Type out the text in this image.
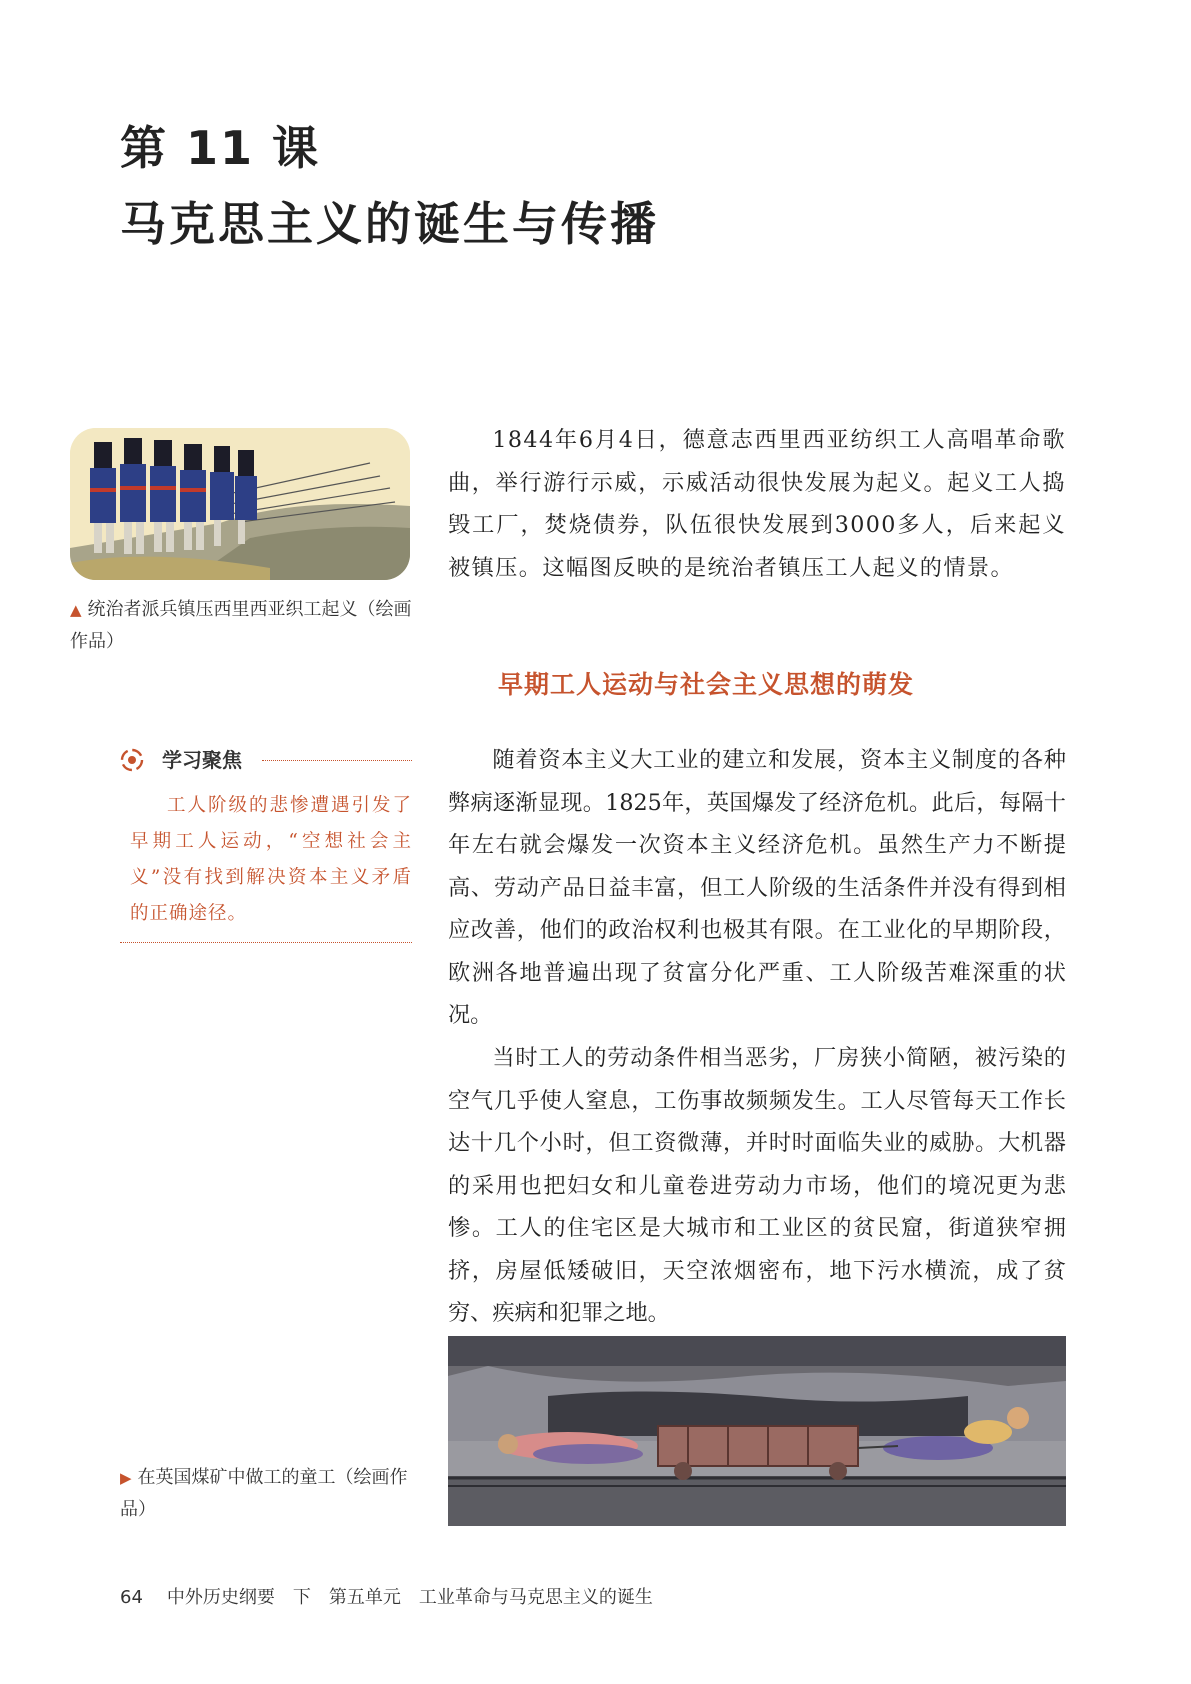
第 11 课
马克思主义的诞生与传播
▲ 统治者派兵镇压西里西亚织工起义（绘画作品）

1844年6月4日，德意志西里西亚纺织工人高唱革命歌曲，举行游行示威，示威活动很快发展为起义。起义工人捣毁工厂，焚烧债券，队伍很快发展到3000多人，后来起义被镇压。这幅图反映的是统治者镇压工人起义的情景。

早期工人运动与社会主义思想的萌发
学习聚焦

工人阶级的悲惨遭遇引发了早期工人运动，“空想社会主义”没有找到解决资本主义矛盾的正确途径。

随着资本主义大工业的建立和发展，资本主义制度的各种弊病逐渐显现。1825年，英国爆发了经济危机。此后，每隔十年左右就会爆发一次资本主义经济危机。虽然生产力不断提高、劳动产品日益丰富，但工人阶级的生活条件并没有得到相应改善，他们的政治权利也极其有限。在工业化的早期阶段，欧洲各地普遍出现了贫富分化严重、工人阶级苦难深重的状况。

当时工人的劳动条件相当恶劣，厂房狭小简陋，被污染的空气几乎使人窒息，工伤事故频频发生。工人尽管每天工作长达十几个小时，但工资微薄，并时时面临失业的威胁。大机器的采用也把妇女和儿童卷进劳动力市场，他们的境况更为悲惨。工人的住宅区是大城市和工业区的贫民窟，街道狭窄拥挤，房屋低矮破旧，天空浓烟密布，地下污水横流，成了贫穷、疾病和犯罪之地。

▶ 在英国煤矿中做工的童工（绘画作品）
64 中外历史纲要　下　第五单元　工业革命与马克思主义的诞生
